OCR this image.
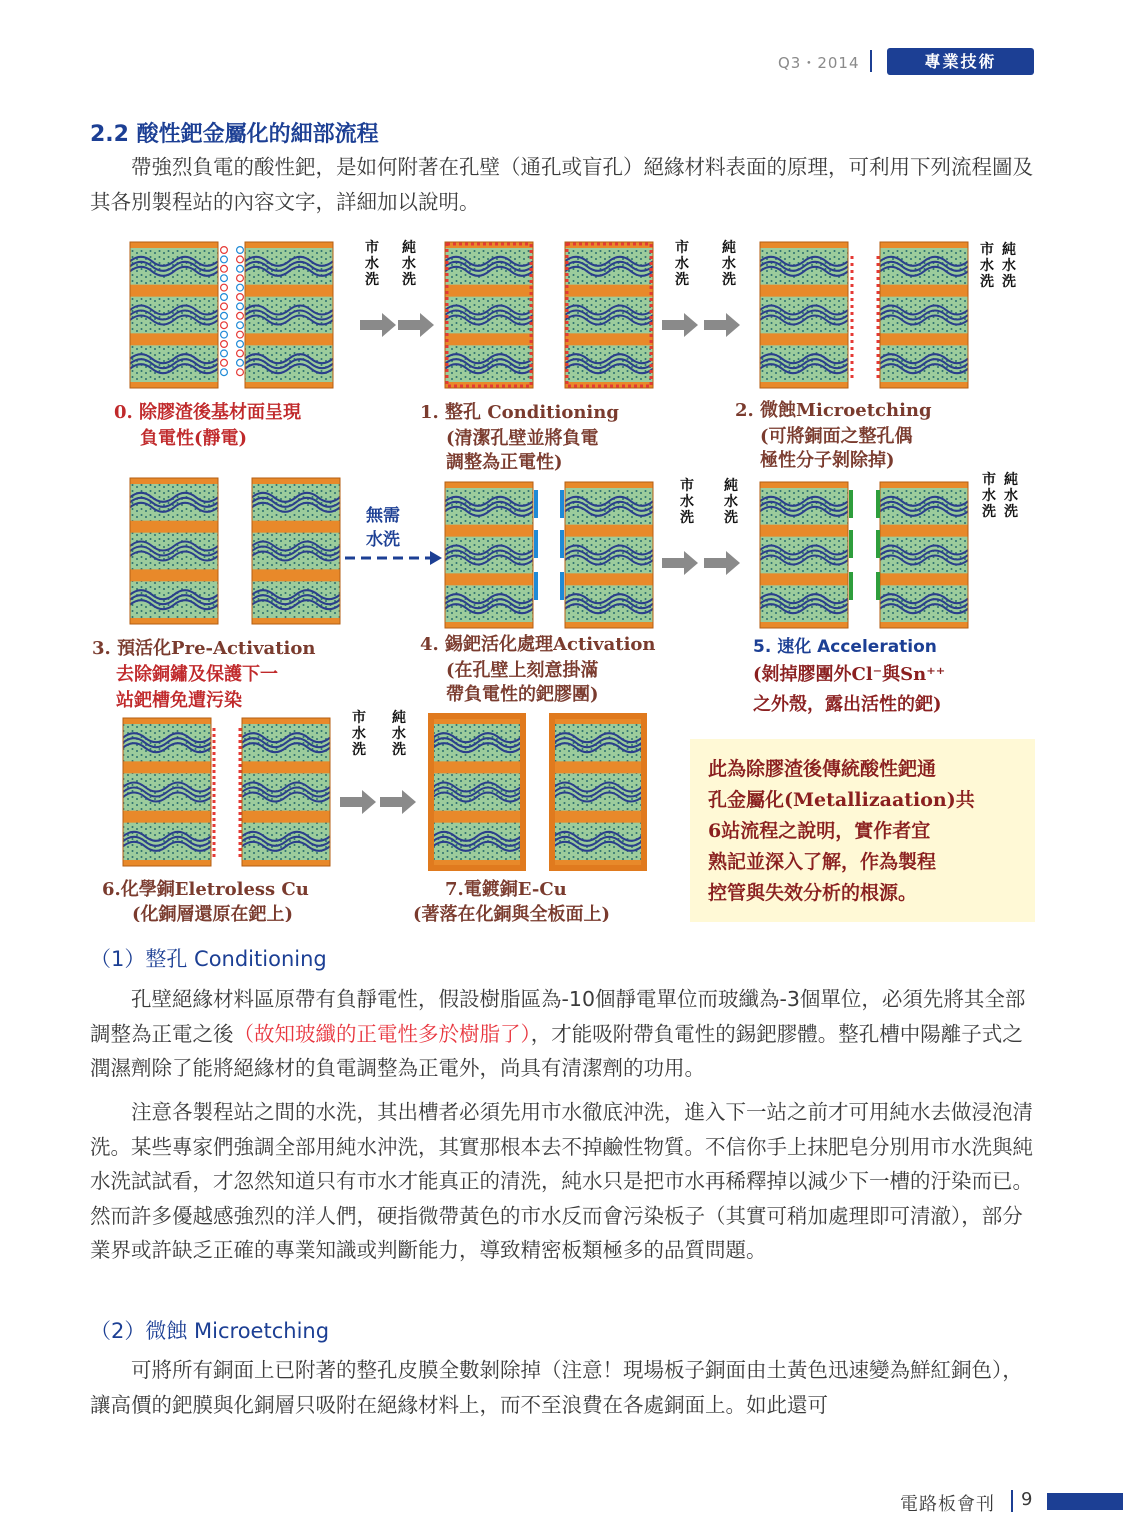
Q3・2014	專業技術
2.2 酸性鈀金屬化的細部流程

帶強烈負電的酸性鈀，是如何附著在孔壁（通孔或盲孔）絕緣材料表面的原理，可利用下列流程圖及其各別製程站的內容文字，詳細加以說明。

市
水
洗
純
水
洗
市
水
洗
純
水
洗
市
水
洗
純
水
洗
市
水
洗
純
水
洗
市
水
洗
純
水
洗
市
水
洗
純
水
洗
0. 除膠渣後基材面呈現
負電性(靜電)
1. 整孔 Conditioning
(清潔孔壁並將負電
調整為正電性)
2. 微蝕Microetching
(可將銅面之整孔偶
極性分子剝除掉)
3. 預活化Pre-Activation
去除銅鏽及保護下一
站鈀槽免遭污染
4. 錫鈀活化處理Activation
(在孔壁上刻意掛滿
帶負電性的鈀膠團)
5. 速化 Acceleration
(剝掉膠團外Cl⁻與Sn⁺⁺
之外殼，露出活性的鈀)
6.化學銅Eletroless Cu
(化銅層還原在鈀上)
7.電鍍銅E-Cu
(著落在化銅與全板面上)
無需
水洗
此為除膠渣後傳統酸性鈀通
孔金屬化(Metallizaation)共
6站流程之說明，實作者宜
熟記並深入了解，作為製程
控管與失效分析的根源。
（1）整孔 Conditioning

孔壁絕緣材料區原帶有負靜電性，假設樹脂區為-10個靜電單位而玻纖為-3個單位，必須先將其全部調整為正電之後（故知玻纖的正電性多於樹脂了），才能吸附帶負電性的錫鈀膠體。整孔槽中陽離子式之潤濕劑除了能將絕緣材的負電調整為正電外，尚具有清潔劑的功用。

注意各製程站之間的水洗，其出槽者必須先用市水徹底沖洗，進入下一站之前才可用純水去做浸泡清洗。某些專家們強調全部用純水沖洗，其實那根本去不掉鹼性物質。不信你手上抹肥皂分別用市水洗與純水洗試試看，才忽然知道只有市水才能真正的清洗，純水只是把市水再稀釋掉以減少下一槽的汙染而已。然而許多優越感強烈的洋人們，硬指微帶黃色的市水反而會污染板子（其實可稍加處理即可清澈），部分業界或許缺乏正確的專業知識或判斷能力，導致精密板類極多的品質問題。

（2）微蝕 Microetching

可將所有銅面上已附著的整孔皮膜全數剝除掉（注意！現場板子銅面由土黃色迅速變為鮮紅銅色），讓高價的鈀膜與化銅層只吸附在絕緣材料上，而不至浪費在各處銅面上。如此還可

電路板會刊 9
